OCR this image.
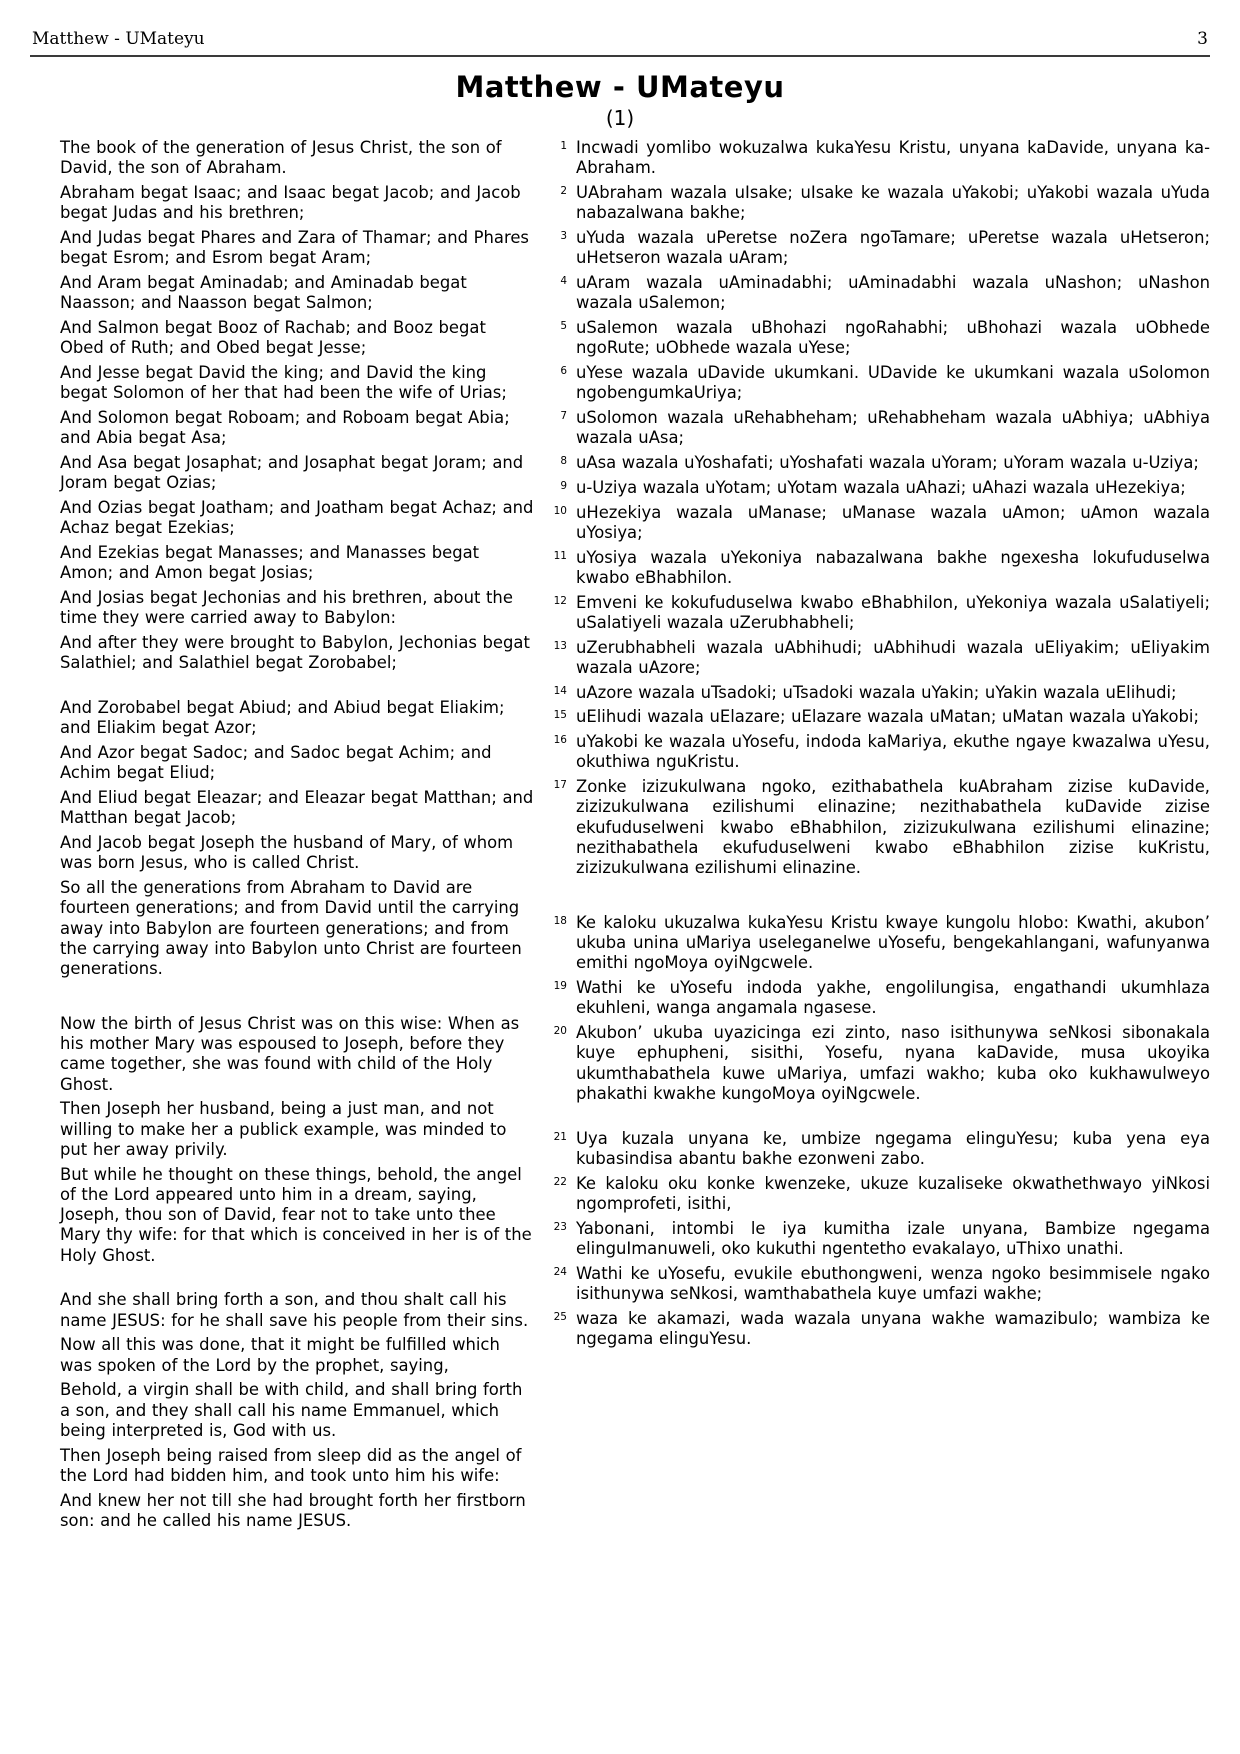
Matthew - UMateyu	3
Matthew - UMateyu
(1)
The book of the generation of Jesus Christ, the son of David, the son of Abraham.
Abraham begat Isaac; and Isaac begat Jacob; and Jacob begat Judas and his brethren;
And Judas begat Phares and Zara of Thamar; and Phares begat Esrom; and Esrom begat Aram;
And Aram begat Aminadab; and Aminadab begat Naasson; and Naasson begat Salmon;
And Salmon begat Booz of Rachab; and Booz begat Obed of Ruth; and Obed begat Jesse;
And Jesse begat David the king; and David the king begat Solomon of her that had been the wife of Urias;
And Solomon begat Roboam; and Roboam begat Abia; and Abia begat Asa;
And Asa begat Josaphat; and Josaphat begat Joram; and Joram begat Ozias;
And Ozias begat Joatham; and Joatham begat Achaz; and Achaz begat Ezekias;
And Ezekias begat Manasses; and Manasses begat Amon; and Amon begat Josias;
And Josias begat Jechonias and his brethren, about the time they were carried away to Babylon:
And after they were brought to Babylon, Jechonias begat Salathiel; and Salathiel begat Zorobabel;
And Zorobabel begat Abiud; and Abiud begat Eliakim; and Eliakim begat Azor;
And Azor begat Sadoc; and Sadoc begat Achim; and Achim begat Eliud;
And Eliud begat Eleazar; and Eleazar begat Matthan; and Matthan begat Jacob;
And Jacob begat Joseph the husband of Mary, of whom was born Jesus, who is called Christ.
So all the generations from Abraham to David are fourteen generations; and from David until the carrying away into Babylon are fourteen generations; and from the carrying away into Babylon unto Christ are fourteen generations.
Now the birth of Jesus Christ was on this wise: When as his mother Mary was espoused to Joseph, before they came together, she was found with child of the Holy Ghost.
Then Joseph her husband, being a just man, and not willing to make her a publick example, was minded to put her away privily.
But while he thought on these things, behold, the angel of the Lord appeared unto him in a dream, saying, Joseph, thou son of David, fear not to take unto thee Mary thy wife: for that which is conceived in her is of the Holy Ghost.
And she shall bring forth a son, and thou shalt call his name JESUS: for he shall save his people from their sins.
Now all this was done, that it might be fulfilled which was spoken of the Lord by the prophet, saying,
Behold, a virgin shall be with child, and shall bring forth a son, and they shall call his name Emmanuel, which being interpreted is, God with us.
Then Joseph being raised from sleep did as the angel of the Lord had bidden him, and took unto him his wife:
And knew her not till she had brought forth her firstborn son: and he called his name JESUS.
1 Incwadi yomlibo wokuzalwa kukaYesu Kristu, unyana kaDavide, unyana ka-Abraham.
2 UAbraham wazala uIsake; uIsake ke wazala uYakobi; uYakobi wazala uYuda nabazalwana bakhe;
3 uYuda wazala uPeretse noZera ngoTamare; uPeretse wazala uHetseron; uHetseron wazala uAram;
4 uAram wazala uAminadabhi; uAminadabhi wazala uNashon; uNashon wazala uSalemon;
5 uSalemon wazala uBhohazi ngoRahabhi; uBhohazi wazala uObhede ngoRute; uObhede wazala uYese;
6 uYese wazala uDavide ukumkani. UDavide ke ukumkani wazala uSolomon ngobengumkaUriya;
7 uSolomon wazala uRehabheham; uRehabheham wazala uAbhiya; uAbhiya wazala uAsa;
8 uAsa wazala uYoshafati; uYoshafati wazala uYoram; uYoram wazala u-Uziya;
9 u-Uziya wazala uYotam; uYotam wazala uAhazi; uAhazi wazala uHezekiya;
10 uHezekiya wazala uManase; uManase wazala uAmon; uAmon wazala uYosiya;
11 uYosiya wazala uYekoniya nabazalwana bakhe ngexesha lokufuduselwa kwabo eBhabhilon.
12 Emveni ke kokufuduselwa kwabo eBhabhilon, uYekoniya wazala uSalatiyeli; uSalatiyeli wazala uZerubhabheli;
13 uZerubhabheli wazala uAbhihudi; uAbhihudi wazala uEliyakim; uEliyakim wazala uAzore;
14 uAzore wazala uTsadoki; uTsadoki wazala uYakin; uYakin wazala uElihudi;
15 uElihudi wazala uElazare; uElazare wazala uMatan; uMatan wazala uYakobi;
16 uYakobi ke wazala uYosefu, indoda kaMariya, ekuthe ngaye kwazalwa uYesu, okuthiwa nguKristu.
17 Zonke izizukulwana ngoko, ezithabathela kuAbraham zizise kuDavide, zizizukulwana ezilishumi elinazine; nezithabathela kuDavide zizise ekufuduselweni kwabo eBhabhilon, zizizukulwana ezilishumi elinazine; nezithabathela ekufuduselweni kwabo eBhabhilon zizise kuKristu, zizizukulwana ezilishumi elinazine.
18 Ke kaloku ukuzalwa kukaYesu Kristu kwaye kungolu hlobo: Kwathi, akubon’ ukuba unina uMariya useleganelwe uYosefu, bengekahlangani, wafunyanwa emithi ngoMoya oyiNgcwele.
19 Wathi ke uYosefu indoda yakhe, engolilungisa, engathandi ukumhlaza ekuhleni, wanga angamala ngasese.
20 Akubon’ ukuba uyazicinga ezi zinto, naso isithunywa seNkosi sibonakala kuye ephupheni, sisithi, Yosefu, nyana kaDavide, musa ukoyika ukumthabathela kuwe uMariya, umfazi wakho; kuba oko kukhawulweyo phakathi kwakhe kungoMoya oyiNgcwele.
21 Uya kuzala unyana ke, umbize ngegama elinguYesu; kuba yena eya kubasindisa abantu bakhe ezonweni zabo.
22 Ke kaloku oku konke kwenzeke, ukuze kuzaliseke okwathethwayo yiNkosi ngomprofeti, isithi,
23 Yabonani, intombi le iya kumitha izale unyana, Bambize ngegama elinguImanuweli, oko kukuthi ngentetho evakalayo, uThixo unathi.
24 Wathi ke uYosefu, evukile ebuthongweni, wenza ngoko besimmisele ngako isithunywa seNkosi, wamthabathela kuye umfazi wakhe;
25 waza ke akamazi, wada wazala unyana wakhe wamazibulo; wambiza ke ngegama elinguYesu.
